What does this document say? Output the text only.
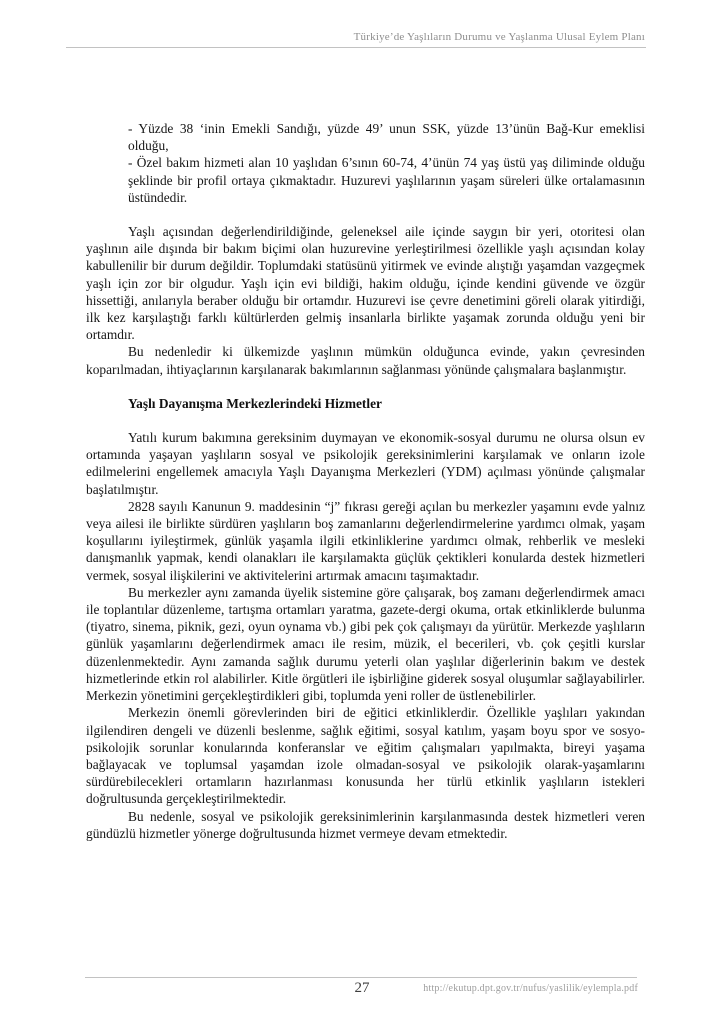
Türkiye’de Yaşlıların Durumu ve Yaşlanma Ulusal Eylem Planı

- Yüzde 38 ‘inin Emekli Sandığı, yüzde 49’ unun SSK, yüzde 13’ünün Bağ-Kur emeklisi olduğu,

- Özel bakım hizmeti alan 10 yaşlıdan 6’sının 60-74, 4’ünün 74 yaş üstü yaş diliminde olduğu şeklinde bir profil ortaya çıkmaktadır. Huzurevi yaşlılarının yaşam süreleri ülke ortalamasının üstündedir.

Yaşlı açısından değerlendirildiğinde, geleneksel aile içinde saygın bir yeri, otoritesi olan yaşlının aile dışında bir bakım biçimi olan huzurevine yerleştirilmesi özellikle yaşlı açısından kolay kabullenilir bir durum değildir. Toplumdaki statüsünü yitirmek ve evinde alıştığı yaşamdan vazgeçmek yaşlı için zor bir olgudur. Yaşlı için evi bildiği, hakim olduğu, içinde kendini güvende ve özgür hissettiği, anılarıyla beraber olduğu bir ortamdır. Huzurevi ise çevre denetimini göreli olarak yitirdiği, ilk kez karşılaştığı farklı kültürlerden gelmiş insanlarla birlikte yaşamak zorunda olduğu yeni bir ortamdır.

Bu nedenledir ki ülkemizde yaşlının mümkün olduğunca evinde, yakın çevresinden koparılmadan, ihtiyaçlarının karşılanarak bakımlarının sağlanması yönünde çalışmalara başlanmıştır.

Yaşlı Dayanışma Merkezlerindeki Hizmetler

Yatılı kurum bakımına gereksinim duymayan ve ekonomik-sosyal durumu ne olursa olsun ev ortamında yaşayan yaşlıların sosyal ve psikolojik gereksinimlerini karşılamak ve onların izole edilmelerini engellemek amacıyla Yaşlı Dayanışma Merkezleri (YDM) açılması yönünde çalışmalar başlatılmıştır.

2828 sayılı Kanunun 9. maddesinin “j” fıkrası gereği açılan bu merkezler yaşamını evde yalnız veya ailesi ile birlikte sürdüren yaşlıların boş zamanlarını değerlendirmelerine yardımcı olmak, yaşam koşullarını iyileştirmek, günlük yaşamla ilgili etkinliklerine yardımcı olmak, rehberlik ve mesleki danışmanlık yapmak, kendi olanakları ile karşılamakta güçlük çektikleri konularda destek hizmetleri vermek, sosyal ilişkilerini ve aktivitelerini artırmak amacını taşımaktadır.

Bu merkezler aynı zamanda üyelik sistemine göre çalışarak, boş zamanı değerlendirmek amacı ile toplantılar düzenleme, tartışma ortamları yaratma, gazete-dergi okuma, ortak etkinliklerde bulunma (tiyatro, sinema, piknik, gezi, oyun oynama vb.) gibi pek çok çalışmayı da yürütür. Merkezde yaşlıların günlük yaşamlarını değerlendirmek amacı ile resim, müzik, el becerileri, vb. çok çeşitli kurslar düzenlenmektedir. Aynı zamanda sağlık durumu yeterli olan yaşlılar diğerlerinin bakım ve destek hizmetlerinde etkin rol alabilirler. Kitle örgütleri ile işbirliğine giderek sosyal oluşumlar sağlayabilirler. Merkezin yönetimini gerçekleştirdikleri gibi, toplumda yeni roller de üstlenebilirler.

Merkezin önemli görevlerinden biri de eğitici etkinliklerdir. Özellikle yaşlıları yakından ilgilendiren dengeli ve düzenli beslenme, sağlık eğitimi, sosyal katılım, yaşam boyu spor ve sosyo-psikolojik sorunlar konularında konferanslar ve eğitim çalışmaları yapılmakta, bireyi yaşama bağlayacak ve toplumsal yaşamdan izole olmadan-sosyal ve psikolojik olarak-yaşamlarını sürdürebilecekleri ortamların hazırlanması konusunda her türlü etkinlik yaşlıların istekleri doğrultusunda gerçekleştirilmektedir.

Bu nedenle, sosyal ve psikolojik gereksinimlerinin karşılanmasında destek hizmetleri veren gündüzlü hizmetler yönerge doğrultusunda hizmet vermeye devam etmektedir.

27	http://ekutup.dpt.gov.tr/nufus/yaslilik/eylempla.pdf
